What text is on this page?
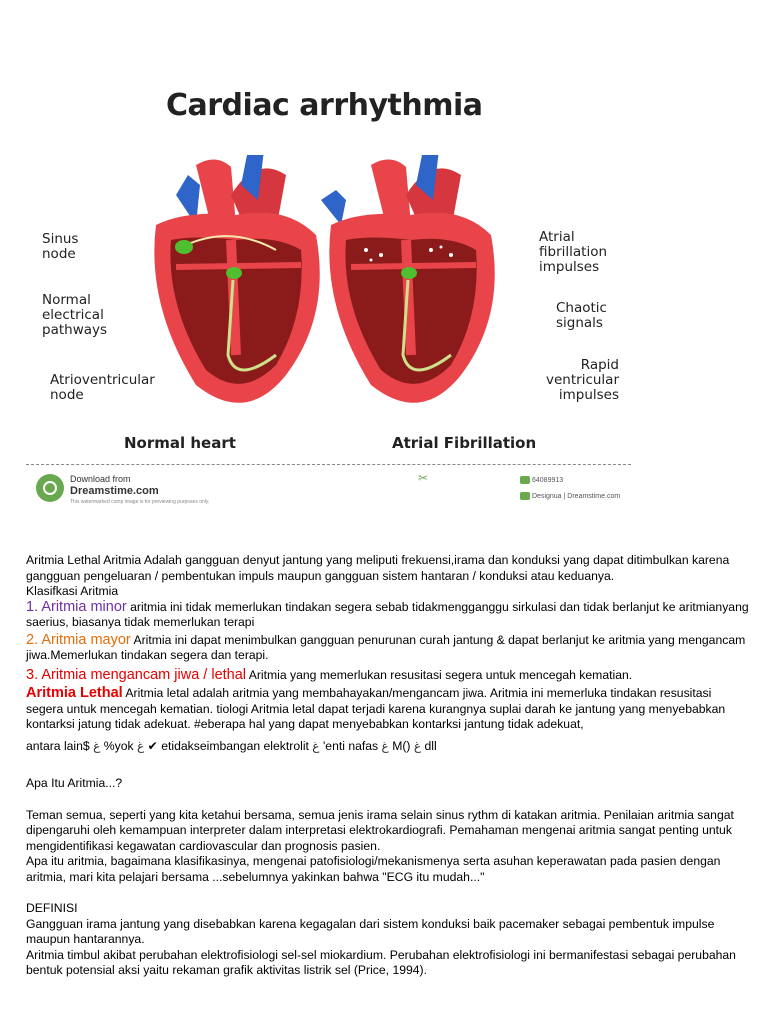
Cardiac arrhythmia
Sinus
node
Normal
electrical
pathways
Atrioventricular
node
Atrial
fibrillation
impulses
Chaotic
signals
Rapid
ventricular
impulses
Normal heart	Atrial Fibrillation
Download from
Dreamstime.com
This watermarked comp image is for previewing purposes only.
✂	64089913
Designua | Dreamstime.com

Aritmia Lethal Aritmia Adalah gangguan denyut jantung yang meliputi frekuensi,irama dan konduksi yang dapat ditimbulkan karena gangguan pengeluaran / pembentukan impuls maupun gangguan sistem hantaran / konduksi atau keduanya.

Klasifkasi Aritmia

1. Aritmia minor aritmia ini tidak memerlukan tindakan segera sebab tidakmengganggu sirkulasi dan tidak berlanjut ke aritmianyang saerius, biasanya tidak memerlukan terapi

2. Aritmia mayor Aritmia ini dapat menimbulkan gangguan penurunan curah jantung & dapat berlanjut ke aritmia yang mengancam jiwa.Memerlukan tindakan segera dan terapi.

3. Aritmia mengancam jiwa / lethal Aritmia yang memerlukan resusitasi segera untuk mencegah kematian.

Aritmia Lethal Aritmia letal adalah aritmia yang membahayakan/mengancam jiwa. Aritmia ini memerluka tindakan resusitasi segera untuk mencegah kematian. tiologi Aritmia letal dapat terjadi karena kurangnya suplai darah ke jantung yang menyebabkan kontarksi jatung tidak adekuat. #eberapa hal yang dapat menyebabkan kontarksi jantung tidak adekuat,

antara lain$ ﻍ %yok ﻍ ✔ etidakseimbangan elektrolit ﻍ 'enti nafas ﻍ M() ﻍ dll

Apa Itu Aritmia...?

Teman semua, seperti yang kita ketahui bersama, semua jenis irama selain sinus rythm di katakan aritmia. Penilaian aritmia sangat dipengaruhi oleh kemampuan interpreter dalam interpretasi elektrokardiografi. Pemahaman mengenai aritmia sangat penting untuk mengidentifikasi kegawatan cardiovascular dan prognosis pasien.

Apa itu aritmia, bagaimana klasifikasinya, mengenai patofisiologi/mekanismenya serta asuhan keperawatan pada pasien dengan aritmia, mari kita pelajari bersama ...sebelumnya yakinkan bahwa "ECG itu mudah..."

DEFINISI

Gangguan irama jantung yang disebabkan karena kegagalan dari sistem konduksi baik pacemaker sebagai pembentuk impulse maupun hantarannya.

Aritmia timbul akibat perubahan elektrofisiologi sel-sel miokardium. Perubahan elektrofisiologi ini bermanifestasi sebagai perubahan bentuk potensial aksi yaitu rekaman grafik aktivitas listrik sel (Price, 1994).
